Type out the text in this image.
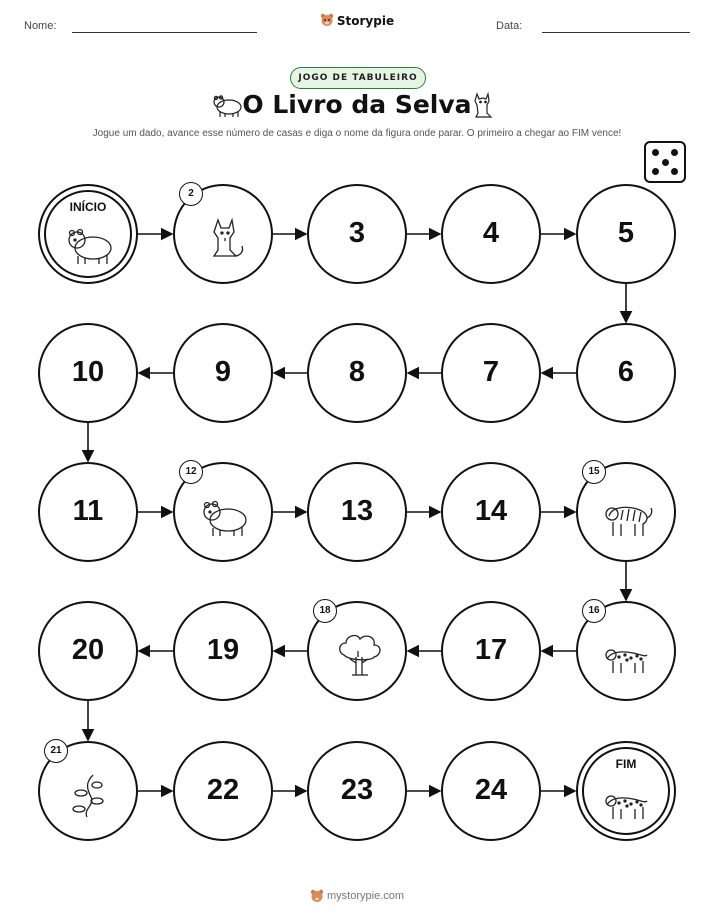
Nome:	Storypie	Data:
JOGO DE TABULEIRO
O Livro da Selva
Jogue um dado, avance esse número de casas e diga o nome da figura onde parar. O primeiro a chegar ao FIM vence!
INÍCIO
2
3	4	5
6
7
8
9
10
11
12
13	14
15
16
17
18
19
20
21
22	23	24
FIM
mystorypie.com
